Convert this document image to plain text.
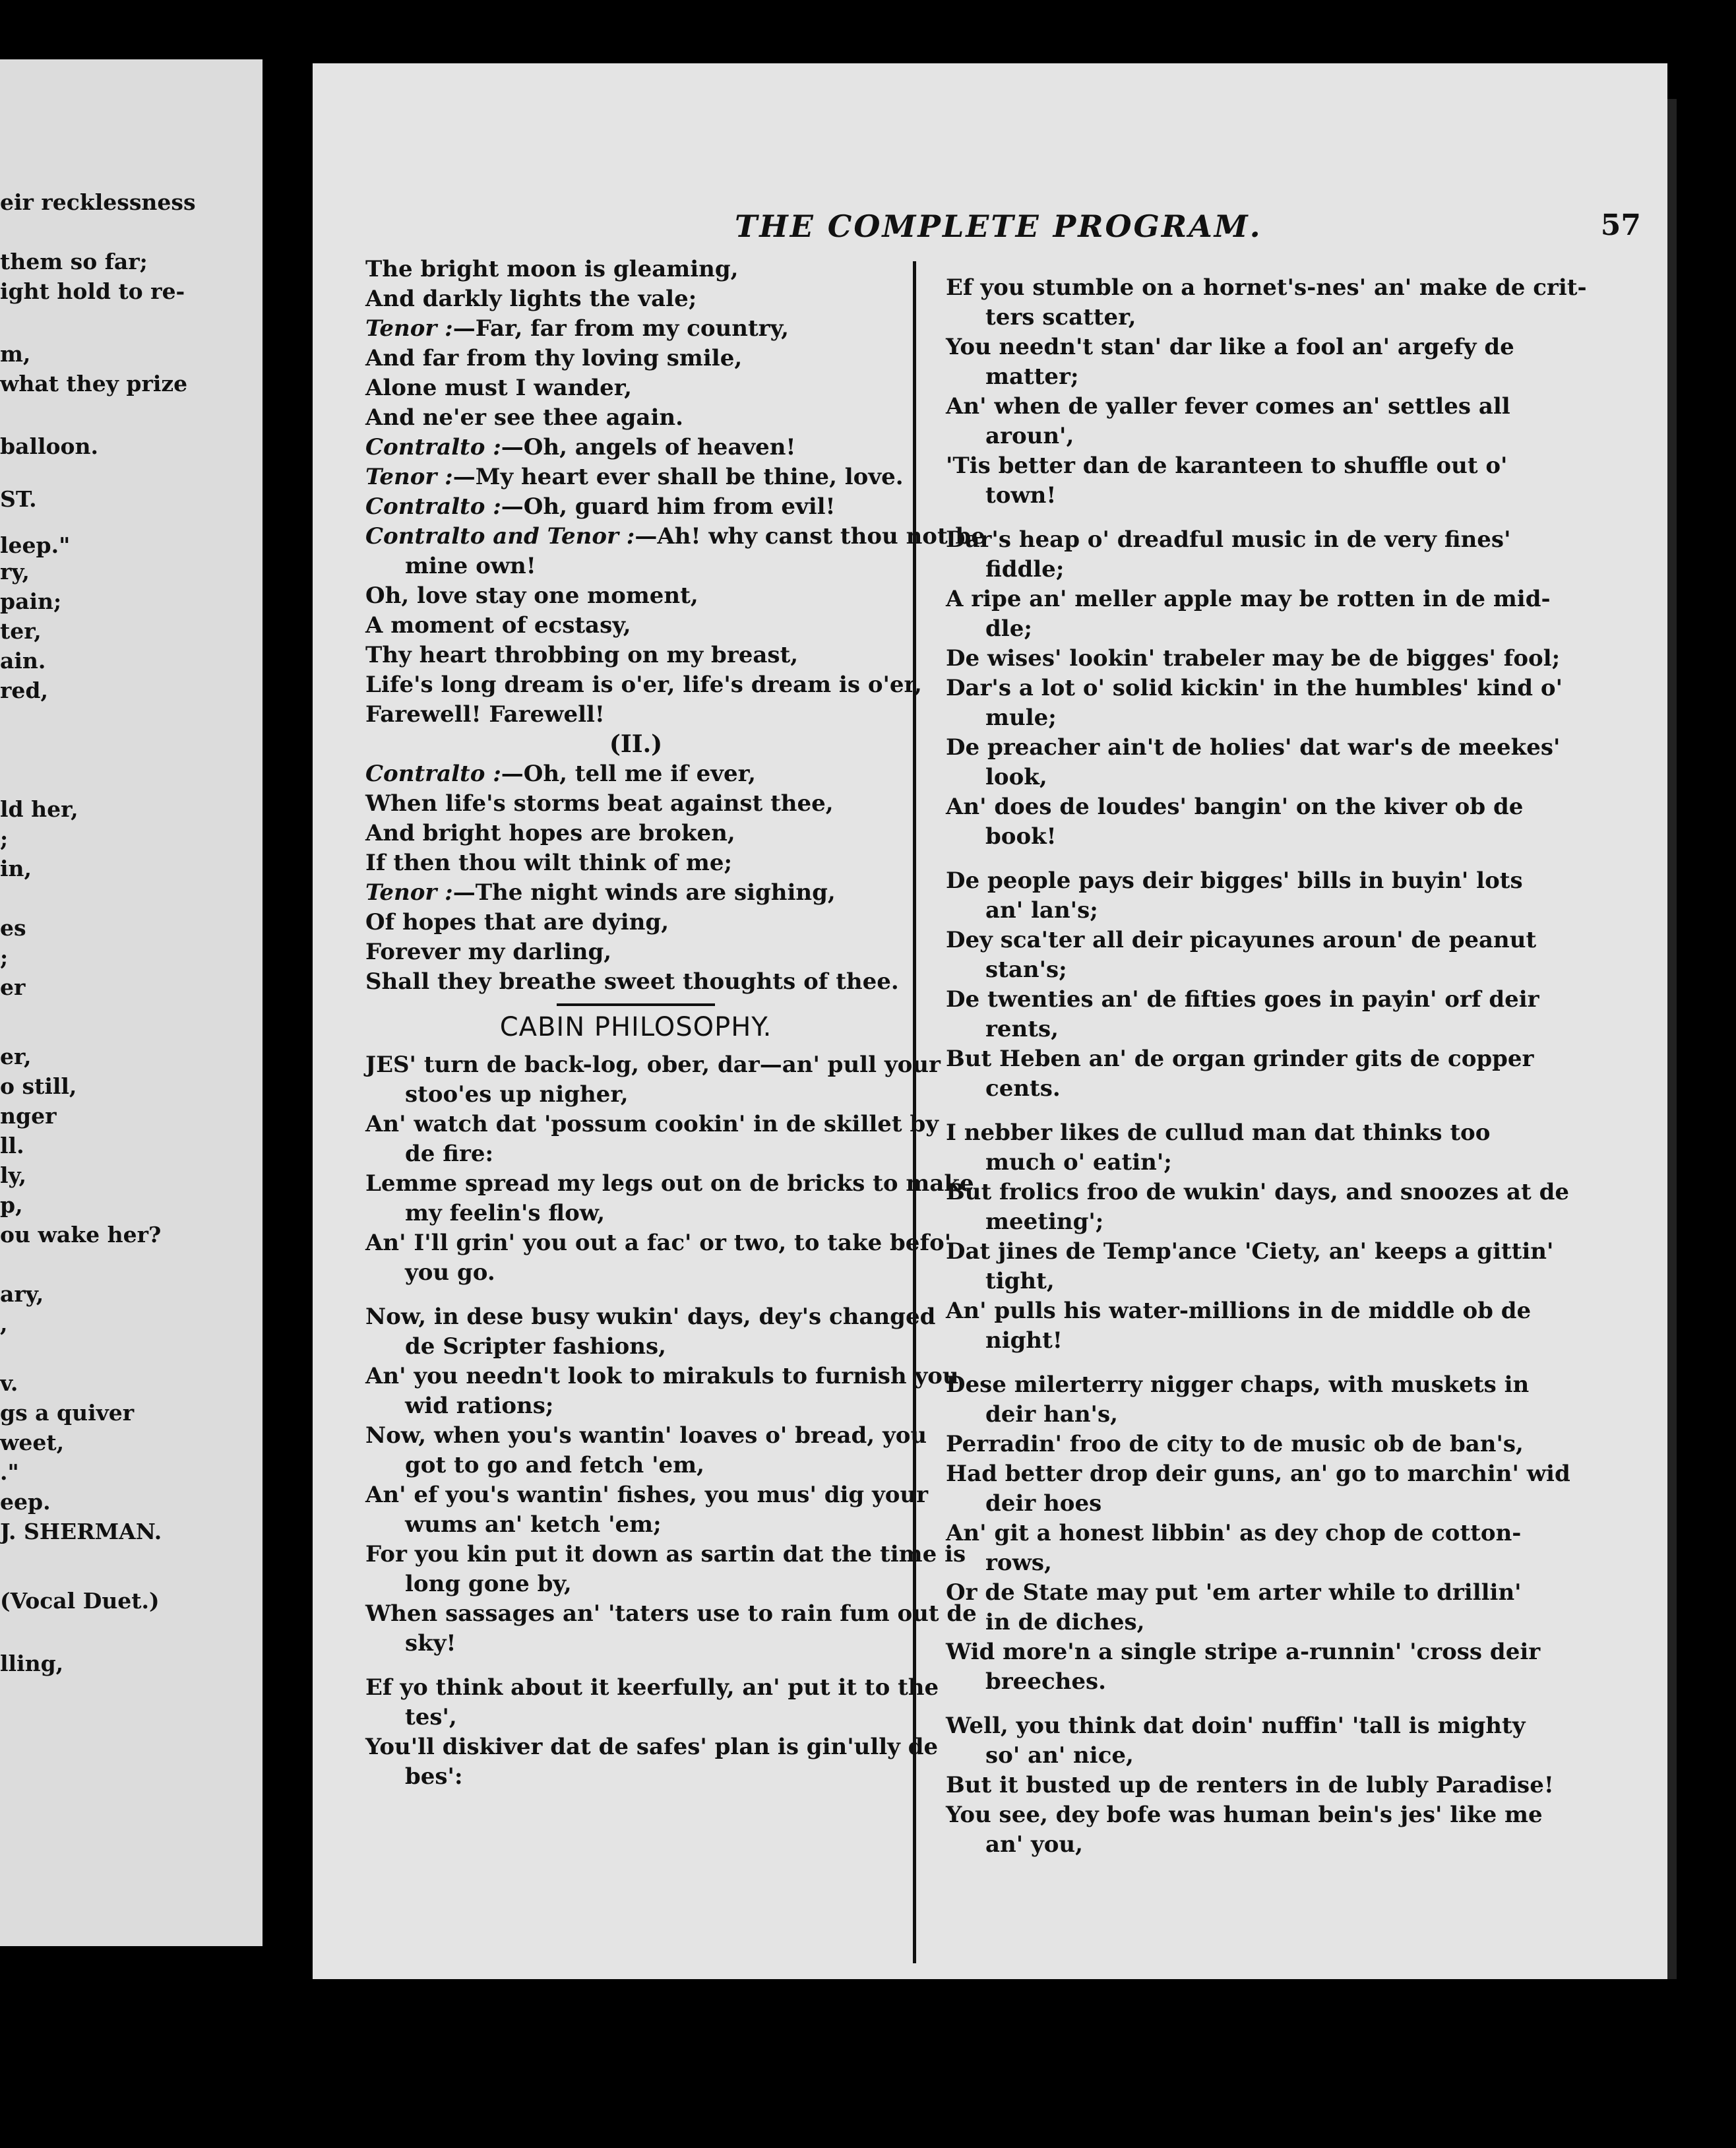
eir recklessness
them so far;
ight hold to re-
m,
what they prize
balloon.
ST.
leep."
ry,
pain;
ter,
ain.
red,
ld her,
;
in,
es
;
er
er,
o still,
nger
ll.
ly,
p,
ou wake her?
ary,
,
v.
gs a quiver
weet,
."
eep.
J. SHERMAN.
(Vocal Duet.)
lling,
THE COMPLETE PROGRAM.	57
The bright moon is gleaming,
And darkly lights the vale;
Tenor :—Far, far from my country,
And far from thy loving smile,
Alone must I wander,
And ne'er see thee again.
Contralto :—Oh, angels of heaven!
Tenor :—My heart ever shall be thine, love.
Contralto :—Oh, guard him from evil!
Contralto and Tenor :—Ah! why canst thou not be
mine own!
Oh, love stay one moment,
A moment of ecstasy,
Thy heart throbbing on my breast,
Life's long dream is o'er, life's dream is o'er,
Farewell! Farewell!
(II.)
Contralto :—Oh, tell me if ever,
When life's storms beat against thee,
And bright hopes are broken,
If then thou wilt think of me;
Tenor :—The night winds are sighing,
Of hopes that are dying,
Forever my darling,
Shall they breathe sweet thoughts of thee.
CABIN PHILOSOPHY.
JES' turn de back-log, ober, dar—an' pull your
stoo'es up nigher,
An' watch dat 'possum cookin' in de skillet by
de fire:
Lemme spread my legs out on de bricks to make
my feelin's flow,
An' I'll grin' you out a fac' or two, to take befo'
you go.
Now, in dese busy wukin' days, dey's changed
de Scripter fashions,
An' you needn't look to mirakuls to furnish you
wid rations;
Now, when you's wantin' loaves o' bread, you
got to go and fetch 'em,
An' ef you's wantin' fishes, you mus' dig your
wums an' ketch 'em;
For you kin put it down as sartin dat the time is
long gone by,
When sassages an' 'taters use to rain fum out de
sky!
Ef yo think about it keerfully, an' put it to the
tes',
You'll diskiver dat de safes' plan is gin'ully de
bes':
Ef you stumble on a hornet's-nes' an' make de crit-
ters scatter,
You needn't stan' dar like a fool an' argefy de
matter;
An' when de yaller fever comes an' settles all
aroun',
'Tis better dan de karanteen to shuffle out o'
town!
Dar's heap o' dreadful music in de very fines'
fiddle;
A ripe an' meller apple may be rotten in de mid-
dle;
De wises' lookin' trabeler may be de bigges' fool;
Dar's a lot o' solid kickin' in the humbles' kind o'
mule;
De preacher ain't de holies' dat war's de meekes'
look,
An' does de loudes' bangin' on the kiver ob de
book!
De people pays deir bigges' bills in buyin' lots
an' lan's;
Dey sca'ter all deir picayunes aroun' de peanut
stan's;
De twenties an' de fifties goes in payin' orf deir
rents,
But Heben an' de organ grinder gits de copper
cents.
I nebber likes de cullud man dat thinks too
much o' eatin';
But frolics froo de wukin' days, and snoozes at de
meeting';
Dat jines de Temp'ance 'Ciety, an' keeps a gittin'
tight,
An' pulls his water-millions in de middle ob de
night!
Dese milerterry nigger chaps, with muskets in
deir han's,
Perradin' froo de city to de music ob de ban's,
Had better drop deir guns, an' go to marchin' wid
deir hoes
An' git a honest libbin' as dey chop de cotton-
rows,
Or de State may put 'em arter while to drillin'
in de diches,
Wid more'n a single stripe a-runnin' 'cross deir
breeches.
Well, you think dat doin' nuffin' 'tall is mighty
so' an' nice,
But it busted up de renters in de lubly Paradise!
You see, dey bofe was human bein's jes' like me
an' you,
